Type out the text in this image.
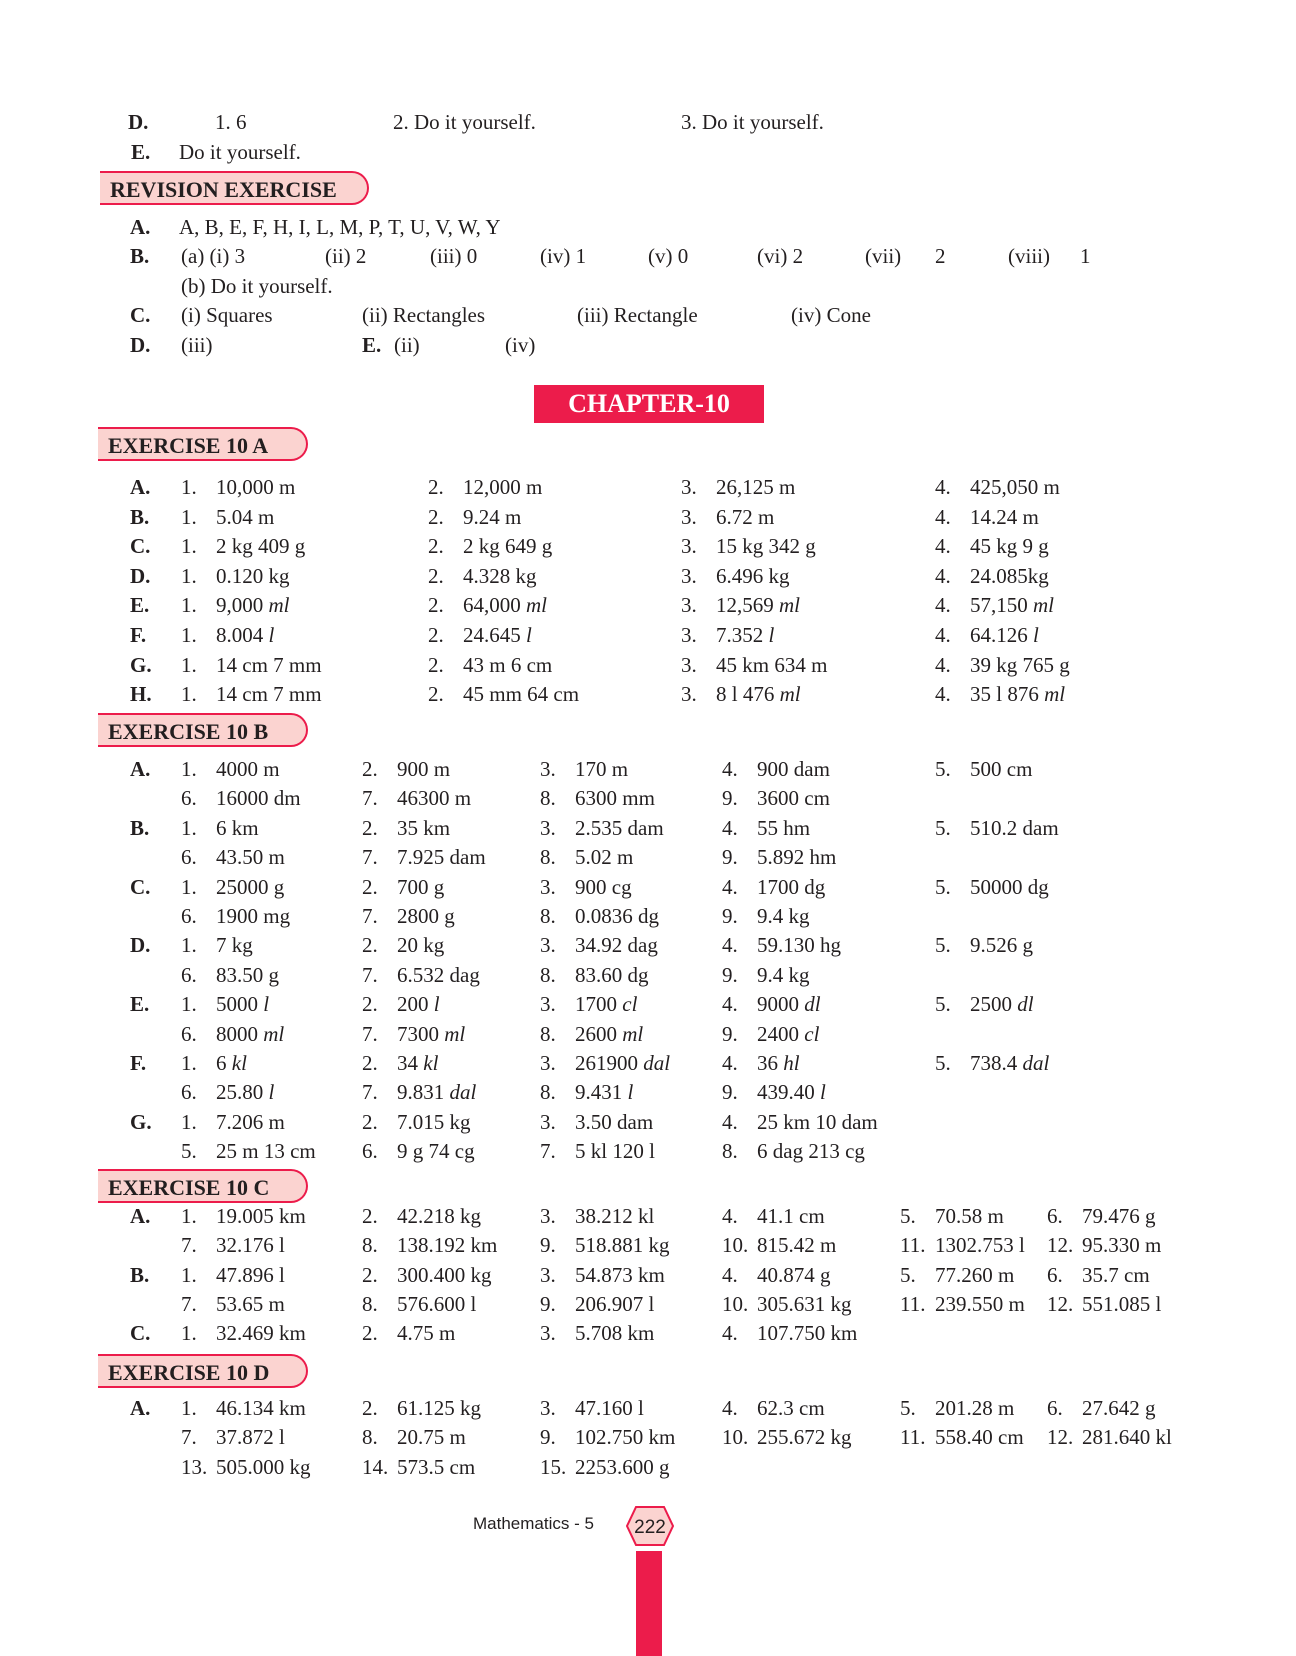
D.	1. 6	2. Do it yourself.	3. Do it yourself.
E. Do it yourself.
REVISION EXERCISE
A. A, B, E, F, H, I, L, M, P, T, U, V, W, Y
B. (a) (i) 3	(ii) 2	(iii) 0	(iv) 1	(v) 0	(vi) 2	(vii) 2	(viii) 1
(b) Do it yourself.
C. (i) Squares	(ii) Rectangles	(iii) Rectangle	(iv) Cone
D. (iii)	E. (ii)	(iv)
CHAPTER-10
EXERCISE 10 A
A. 1. 10,000 m	2. 12,000 m	3. 26,125 m	4. 425,050 m
B. 1. 5.04 m	2. 9.24 m	3. 6.72 m	4. 14.24 m
C. 1. 2 kg 409 g	2. 2 kg 649 g	3. 15 kg 342 g	4. 45 kg 9 g
D. 1. 0.120 kg	2. 4.328 kg	3. 6.496 kg	4. 24.085kg
E. 1. 9,000 ml	2. 64,000 ml	3. 12,569 ml	4. 57,150 ml
F. 1. 8.004 l	2. 24.645 l	3. 7.352 l	4. 64.126 l
G. 1. 14 cm 7 mm	2. 43 m 6 cm	3. 45 km 634 m	4. 39 kg 765 g
H. 1. 14 cm 7 mm	2. 45 mm 64 cm	3. 8 l 476 ml	4. 35 l 876 ml
EXERCISE 10 B
A. 1. 4000 m	2. 900 m	3. 170 m	4. 900 dam	5. 500 cm
6. 16000 dm	7. 46300 m	8. 6300 mm	9. 3600 cm
B. 1. 6 km	2. 35 km	3. 2.535 dam	4. 55 hm	5. 510.2 dam
6. 43.50 m	7. 7.925 dam	8. 5.02 m	9. 5.892 hm
C. 1. 25000 g	2. 700 g	3. 900 cg	4. 1700 dg	5. 50000 dg
6. 1900 mg	7. 2800 g	8. 0.0836 dg	9. 9.4 kg
D. 1. 7 kg	2. 20 kg	3. 34.92 dag	4. 59.130 hg	5. 9.526 g
6. 83.50 g	7. 6.532 dag	8. 83.60 dg	9. 9.4 kg
E. 1. 5000 l	2. 200 l	3. 1700 cl	4. 9000 dl	5. 2500 dl
6. 8000 ml	7. 7300 ml	8. 2600 ml	9. 2400 cl
F. 1. 6 kl	2. 34 kl	3. 261900 dal 4. 36 hl	5. 738.4 dal
6. 25.80 l	7. 9.831 dal	8. 9.431 l	9. 439.40 l
G. 1. 7.206 m	2. 7.015 kg	3. 3.50 dam	4. 25 km 10 dam
5. 25 m 13 cm 6. 9 g 74 cg	7. 5 kl 120 l	8. 6 dag 213 cg
EXERCISE 10 C
A. 1. 19.005 km	2. 42.218 kg	3. 38.212 kl	4. 41.1 cm	5. 70.58 m 6. 79.476 g
7. 32.176 l	8. 138.192 km 9. 518.881 kg	10. 815.42 m	11. 1302.753 l 12. 95.330 m
B. 1. 47.896 l	2. 300.400 kg 3. 54.873 km	4. 40.874 g	5. 77.260 m 6. 35.7 cm
7. 53.65 m	8. 576.600 l	9. 206.907 l	10. 305.631 kg 11. 239.550 m 12. 551.085 l
C. 1. 32.469 km	2. 4.75 m	3. 5.708 km	4. 107.750 km
EXERCISE 10 D
A. 1. 46.134 km	2. 61.125 kg	3. 47.160 l	4. 62.3 cm	5. 201.28 m 6. 27.642 g
7. 37.872 l	8. 20.75 m	9. 102.750 km 10. 255.672 kg 11. 558.40 cm 12. 281.640 kl
13. 505.000 kg 14. 573.5 cm	15. 2253.600 g
Mathematics - 5 222
